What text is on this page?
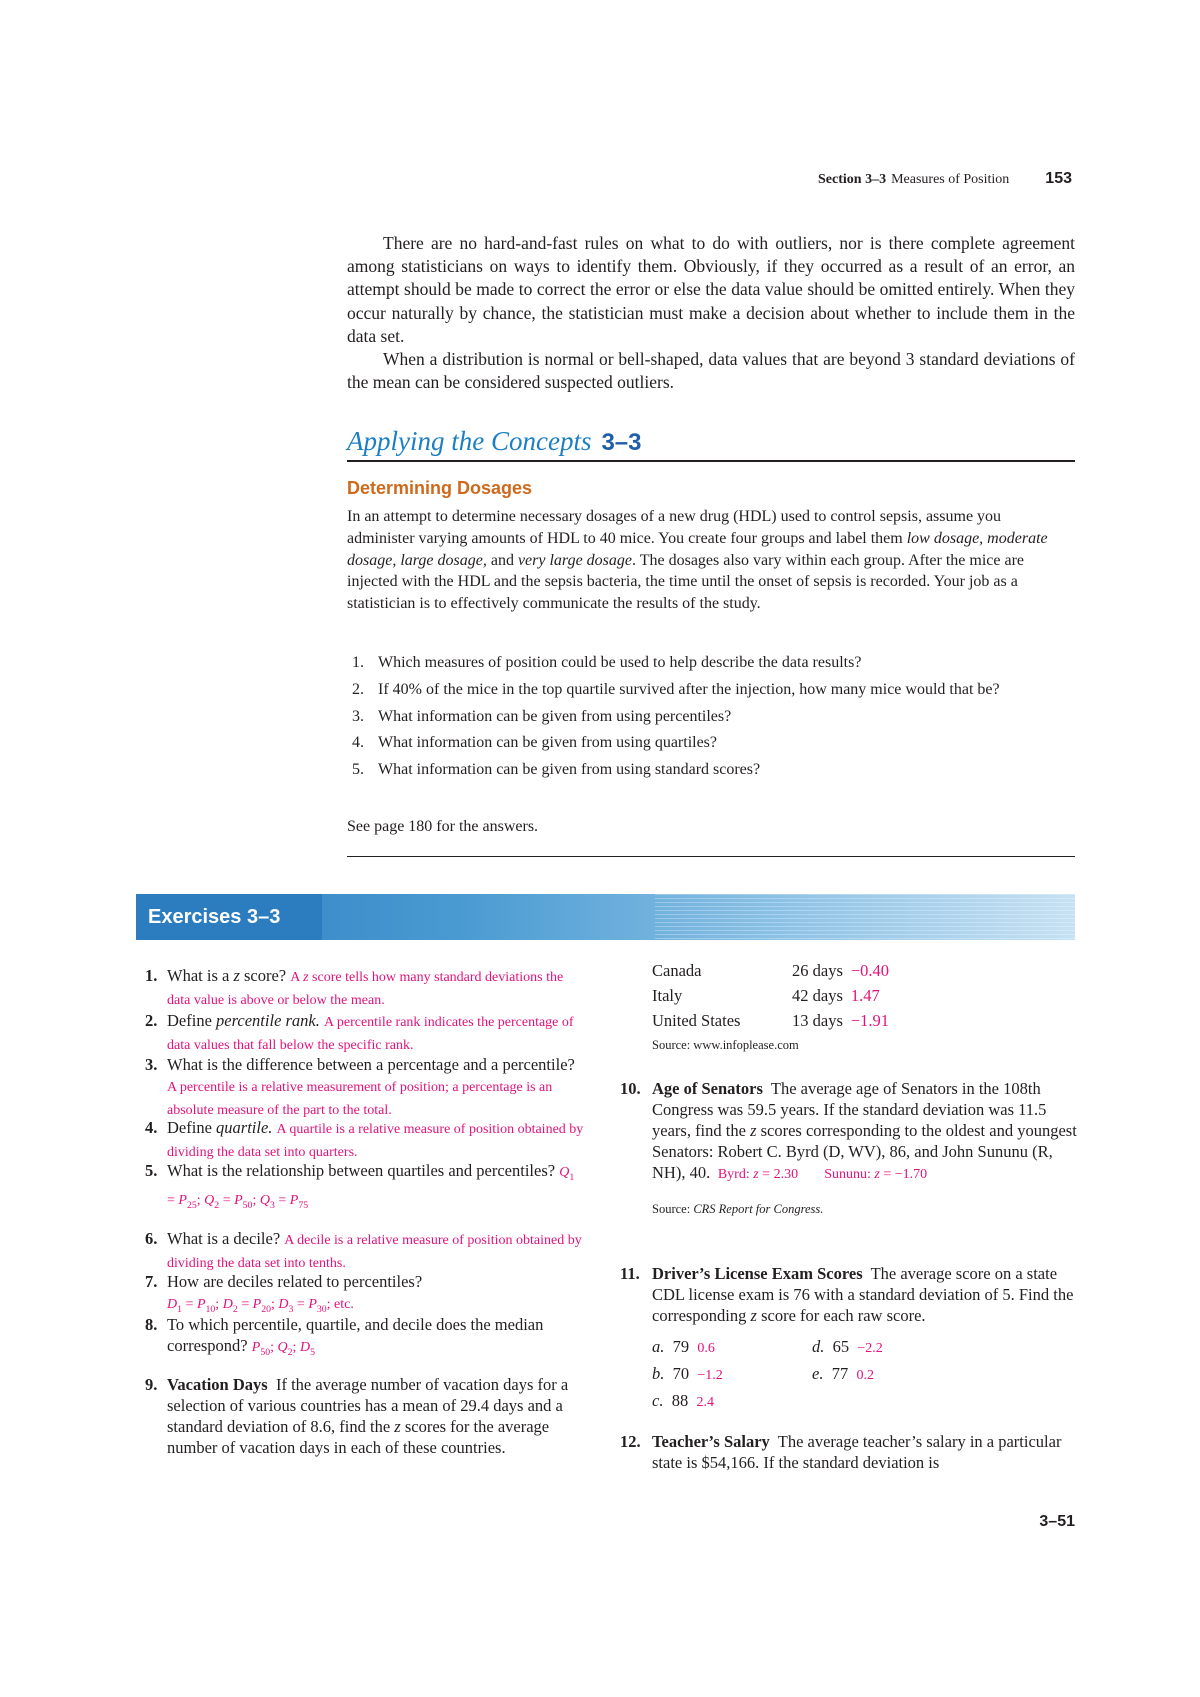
Section 3–3 Measures of Position 153

There are no hard-and-fast rules on what to do with outliers, nor is there complete agreement among statisticians on ways to identify them. Obviously, if they occurred as a result of an error, an attempt should be made to correct the error or else the data value should be omitted entirely. When they occur naturally by chance, the statistician must make a decision about whether to include them in the data set.

When a distribution is normal or bell-shaped, data values that are beyond 3 standard deviations of the mean can be considered suspected outliers.

Applying the Concepts 3–3
Determining Dosages

In an attempt to determine necessary dosages of a new drug (HDL) used to control sepsis, assume you administer varying amounts of HDL to 40 mice. You create four groups and label them low dosage, moderate dosage, large dosage, and very large dosage. The dosages also vary within each group. After the mice are injected with the HDL and the sepsis bacteria, the time until the onset of sepsis is recorded. Your job as a statistician is to effectively communicate the results of the study.

1. Which measures of position could be used to help describe the data results?
2. If 40% of the mice in the top quartile survived after the injection, how many mice would that be?
3. What information can be given from using percentiles?
4. What information can be given from using quartiles?
5. What information can be given from using standard scores?
See page 180 for the answers.
Exercises 3–3
1. What is a z score? A z score tells how many standard deviations the data value is above or below the mean.
2. Define percentile rank. A percentile rank indicates the percentage of data values that fall below the specific rank.
3. What is the difference between a percentage and a percentile? A percentile is a relative measurement of position; a percentage is an absolute measure of the part to the total.
4. Define quartile. A quartile is a relative measure of position obtained by dividing the data set into quarters.
5. What is the relationship between quartiles and percentiles? $Q_1 = P_{25}$; $Q_2 = P_{50}$; $Q_3 = P_{75}$
6. What is a decile? A decile is a relative measure of position obtained by dividing the data set into tenths.
7. How are deciles related to percentiles?
$D_1 = P_{10}$; $D_2 = P_{20}$; $D_3 = P_{30}$; etc.
8. To which percentile, quartile, and decile does the median correspond? $P_{50}$; $Q_2$; $D_5$
9. Vacation Days If the average number of vacation days for a selection of various countries has a mean of 29.4 days and a standard deviation of 8.6, find the z scores for the average number of vacation days in each of these countries.
Canada	26 days	−0.40
Italy	42 days	1.47
United States	13 days	−1.91
Source: www.infoplease.com
10. Age of Senators The average age of Senators in the 108th Congress was 59.5 years. If the standard deviation was 11.5 years, find the z scores corresponding to the oldest and youngest Senators: Robert C. Byrd (D, WV), 86, and John Sununu (R, NH), 40. Byrd: z = 2.30 Sununu: z = −1.70
Source: CRS Report for Congress.
11. Driver’s License Exam Scores The average score on a state CDL license exam is 76 with a standard deviation of 5. Find the corresponding z score for each raw score.
a. 79 0.6	d. 65 −2.2
b. 70 −1.2	e. 77 0.2
c. 88 2.4
12. Teacher’s Salary The average teacher’s salary in a particular state is $54,166. If the standard deviation is
3–51
